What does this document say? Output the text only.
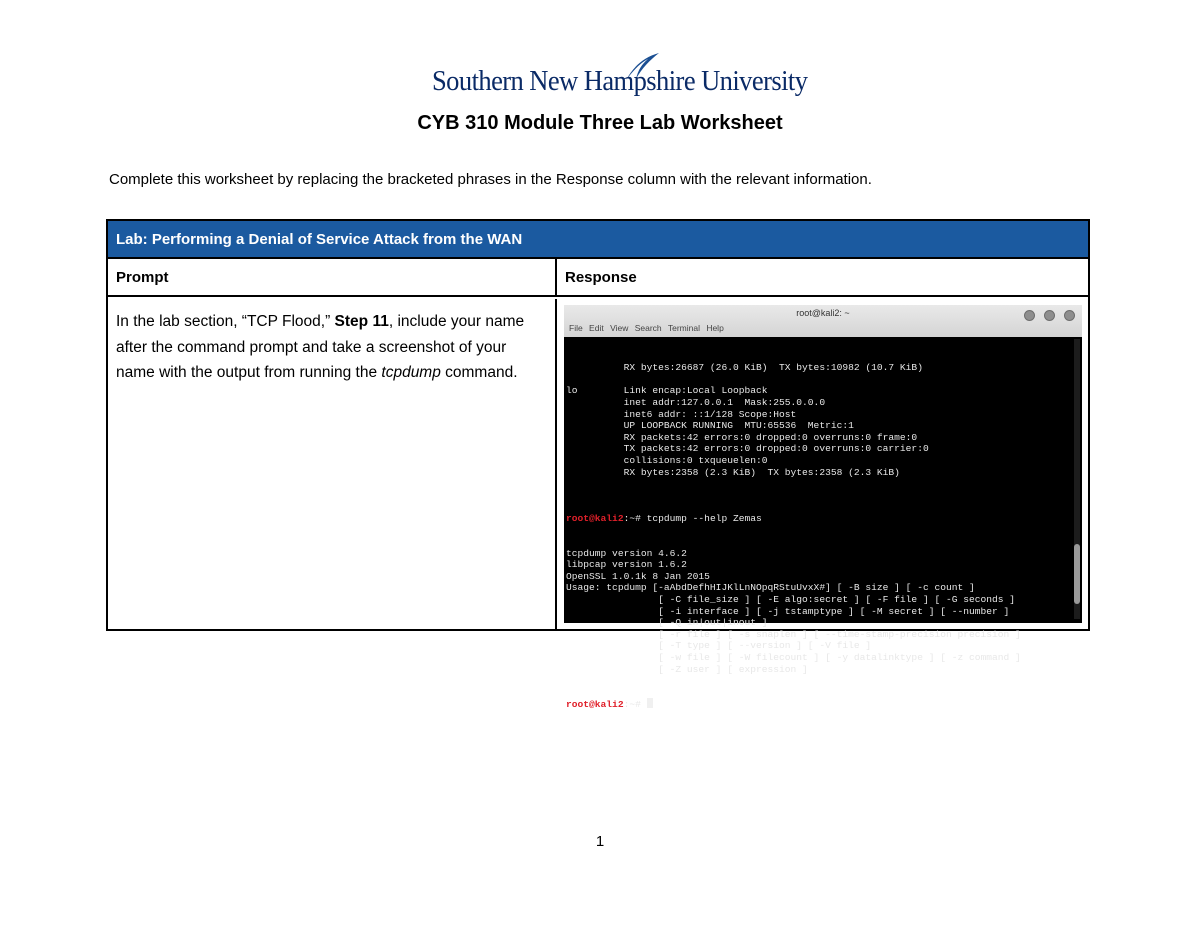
Southern New Hampshire University
CYB 310 Module Three Lab Worksheet
Complete this worksheet by replacing the bracketed phrases in the Response column with the relevant information.
Lab: Performing a Denial of Service Attack from the WAN
Prompt	Response
In the lab section, “TCP Flood,” Step 11, include your name after the command prompt and take a screenshot of your name with the output from running the tcpdump command.
root@kali2: ~
File Edit View Search Terminal Help

RX bytes:26687 (26.0 KiB)  TX bytes:10982 (10.7 KiB)
lo        Link encap:Local Loopback
inet addr:127.0.0.1  Mask:255.0.0.0
inet6 addr: ::1/128 Scope:Host
UP LOOPBACK RUNNING  MTU:65536  Metric:1
RX packets:42 errors:0 dropped:0 overruns:0 frame:0
TX packets:42 errors:0 dropped:0 overruns:0 carrier:0
collisions:0 txqueuelen:0
RX bytes:2358 (2.3 KiB)  TX bytes:2358 (2.3 KiB)

root@kali2:~# tcpdump --help Zemas

tcpdump version 4.6.2
libpcap version 1.6.2
OpenSSL 1.0.1k 8 Jan 2015
Usage: tcpdump [-aAbdDefhHIJKlLnNOpqRStuUvxX#] [ -B size ] [ -c count ]
[ -C file_size ] [ -E algo:secret ] [ -F file ] [ -G seconds ]
[ -i interface ] [ -j tstamptype ] [ -M secret ] [ --number ]
[ -Q in|out|inout ]
[ -r file ] [ -s snaplen ] [ --time-stamp-precision precision ]
[ -T type ] [ --version ] [ -V file ]
[ -w file ] [ -W filecount ] [ -y datalinktype ] [ -z command ]
[ -Z user ] [ expression ]

root@kali2:~#

1
